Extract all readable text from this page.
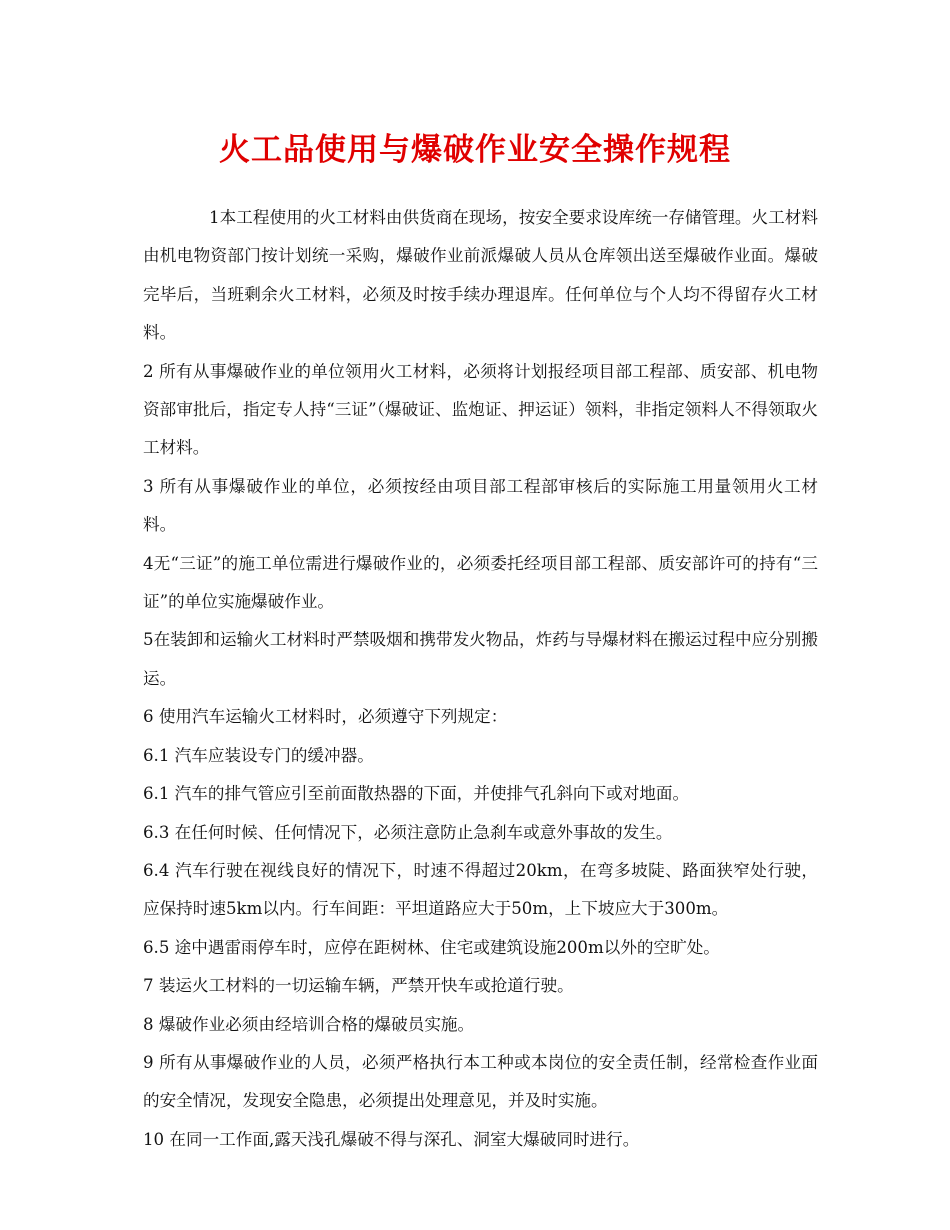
火工品使用与爆破作业安全操作规程

1本工程使用的火工材料由供货商在现场，按安全要求设库统一存储管理。火工材料由机电物资部门按计划统一采购，爆破作业前派爆破人员从仓库领出送至爆破作业面。爆破完毕后，当班剩余火工材料，必须及时按手续办理退库。任何单位与个人均不得留存火工材料。

2 所有从事爆破作业的单位领用火工材料，必须将计划报经项目部工程部、质安部、机电物资部审批后，指定专人持“三证”（爆破证、监炮证、押运证）领料，非指定领料人不得领取火工材料。

3 所有从事爆破作业的单位，必须按经由项目部工程部审核后的实际施工用量领用火工材料。

4无“三证”的施工单位需进行爆破作业的，必须委托经项目部工程部、质安部许可的持有“三证”的单位实施爆破作业。

5在装卸和运输火工材料时严禁吸烟和携带发火物品，炸药与导爆材料在搬运过程中应分别搬运。

6 使用汽车运输火工材料时，必须遵守下列规定：

6.1 汽车应装设专门的缓冲器。

6.1 汽车的排气管应引至前面散热器的下面，并使排气孔斜向下或对地面。

6.3 在任何时候、任何情况下，必须注意防止急刹车或意外事故的发生。

6.4 汽车行驶在视线良好的情况下，时速不得超过20km，在弯多坡陡、路面狭窄处行驶，应保持时速5km以内。行车间距：平坦道路应大于50m，上下坡应大于300m。

6.5 途中遇雷雨停车时，应停在距树林、住宅或建筑设施200m以外的空旷处。

7 装运火工材料的一切运输车辆，严禁开快车或抢道行驶。

8 爆破作业必须由经培训合格的爆破员实施。

9 所有从事爆破作业的人员，必须严格执行本工种或本岗位的安全责任制，经常检查作业面的安全情况，发现安全隐患，必须提出处理意见，并及时实施。

10 在同一工作面,露天浅孔爆破不得与深孔、洞室大爆破同时进行。
